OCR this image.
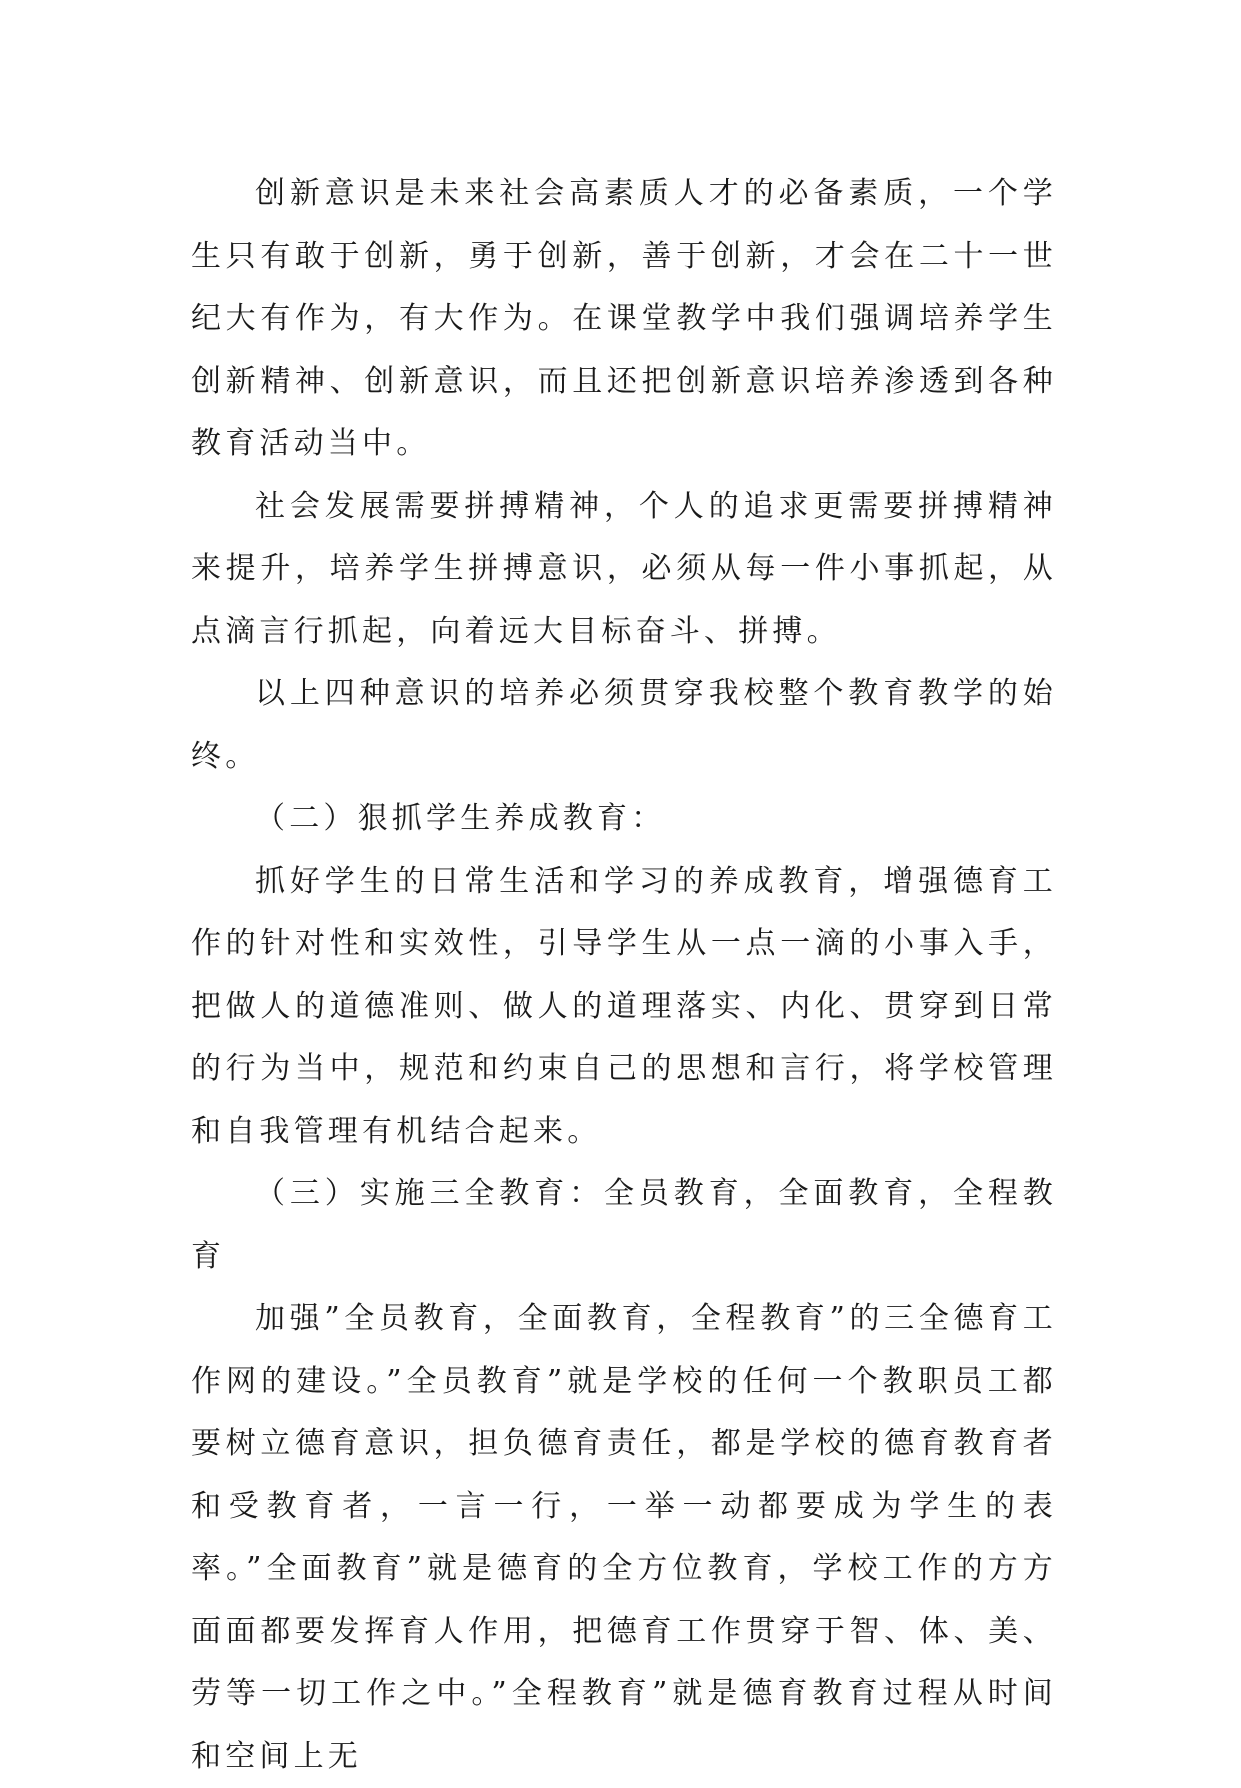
创新意识是未来社会高素质人才的必备素质，一个学生只有敢于创新，勇于创新，善于创新，才会在二十一世纪大有作为，有大作为。在课堂教学中我们强调培养学生创新精神、创新意识，而且还把创新意识培养渗透到各种教育活动当中。

社会发展需要拼搏精神，个人的追求更需要拼搏精神来提升，培养学生拼搏意识，必须从每一件小事抓起，从点滴言行抓起，向着远大目标奋斗、拼搏。

以上四种意识的培养必须贯穿我校整个教育教学的始终。

（二）狠抓学生养成教育：

抓好学生的日常生活和学习的养成教育，增强德育工作的针对性和实效性，引导学生从一点一滴的小事入手，把做人的道德准则、做人的道理落实、内化、贯穿到日常的行为当中，规范和约束自己的思想和言行，将学校管理和自我管理有机结合起来。

（三）实施三全教育：全员教育，全面教育，全程教育

加强”全员教育，全面教育，全程教育”的三全德育工作网的建设。”全员教育”就是学校的任何一个教职员工都要树立德育意识，担负德育责任，都是学校的德育教育者和受教育者，一言一行，一举一动都要成为学生的表率。”全面教育”就是德育的全方位教育，学校工作的方方面面都要发挥育人作用，把德育工作贯穿于智、体、美、劳等一切工作之中。”全程教育”就是德育教育过程从时间和空间上无
